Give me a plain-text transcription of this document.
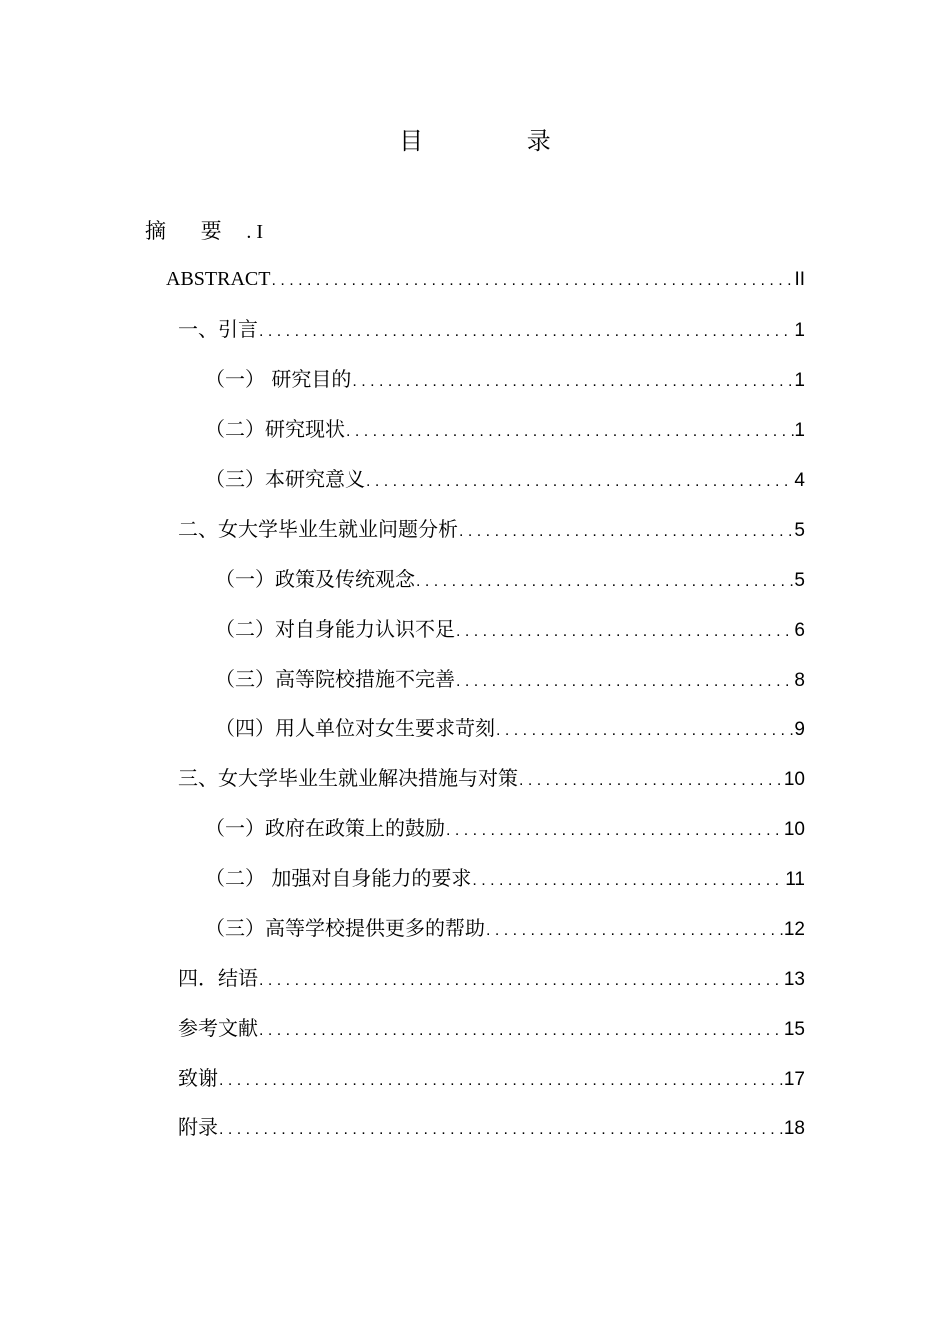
目 录
摘 要 . I
ABSTRACT . . .	II
一、引言 . . .	1
（一） 研究目的 . . .	1
（二）研究现状 . . .	1
（三）本研究意义 . . .	4
二、女大学毕业生就业问题分析 . . .	5
（一）政策及传统观念 . . .	5
（二）对自身能力认识不足 . . .	6
（三）高等院校措施不完善 . . .	8
（四）用人单位对女生要求苛刻 . . .	9
三、女大学毕业生就业解决措施与对策 . . .	10
（一）政府在政策上的鼓励 . . .	10
（二） 加强对自身能力的要求 . . .	11
（三）高等学校提供更多的帮助 . . .	12
四．结语 . . .	13
参考文献 . . .	15
致谢 . . .	17
附录 . . .	18
